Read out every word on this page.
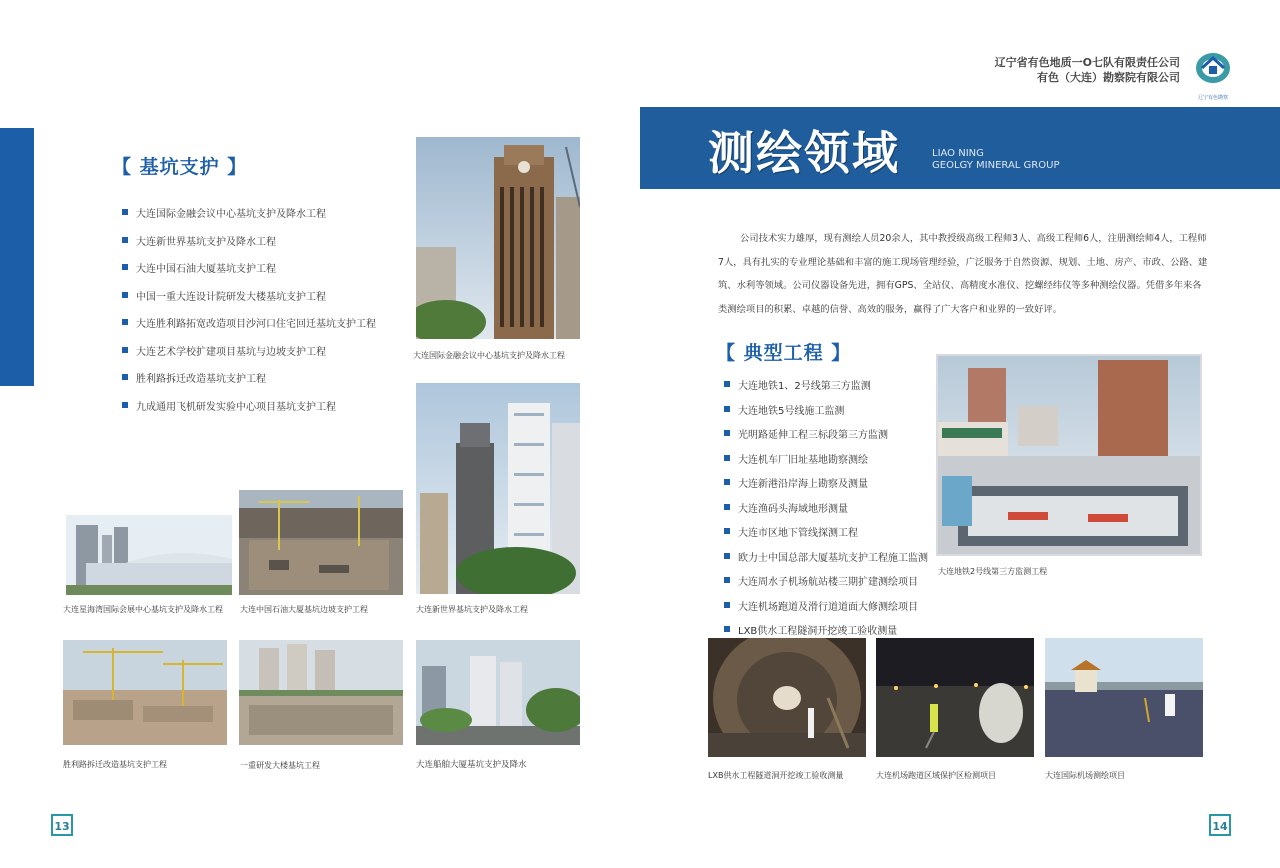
【 基坑支护 】
大连国际金融会议中心基坑支护及降水工程
大连新世界基坑支护及降水工程
大连中国石油大厦基坑支护工程
中国一重大连设计院研发大楼基坑支护工程
大连胜利路拓宽改造项目沙河口住宅回迁基坑支护工程
大连艺术学校扩建项目基坑与边坡支护工程
胜利路拆迁改造基坑支护工程
九成通用飞机研发实验中心项目基坑支护工程
大连国际金融会议中心基坑支护及降水工程
大连新世界基坑支护及降水工程
大连星海湾国际会展中心基坑支护及降水工程 大连中国石油大厦基坑边坡支护工程
胜利路拆迁改造基坑支护工程	一重研发大楼基坑工程	大连船舶大厦基坑支护及降水
13
辽宁省有色地质一O七队有限责任公司
有色（大连）勘察院有限公司
辽宁有色勘察
测绘领域	LIAO NING
GEOLGY MINERAL GROUP
公司技术实力雄厚，现有测绘人员20余人，其中教授级高级工程师3人、高级工程师6人，注册测绘师4人，工程师7人，具有扎实的专业理论基础和丰富的施工现场管理经验，广泛服务于自然资源、规划、土地、房产、市政、公路、建筑、水利等领域。公司仪器设备先进，拥有GPS、全站仪、高精度水准仪、挖螺经纬仪等多种测绘仪器。凭借多年来各类测绘项目的积累、卓越的信誉、高效的服务，赢得了广大客户和业界的一致好评。
【 典型工程 】
大连地铁1、2号线第三方监测
大连地铁5号线施工监测
光明路延伸工程三标段第三方监测
大连机车厂旧址基地勘察测绘
大连新港沿岸海上勘察及测量
大连渔码头海域地形测量
大连市区地下管线探测工程
欧力士中国总部大厦基坑支护工程施工监测
大连周水子机场航站楼三期扩建测绘项目
大连机场跑道及滑行道道面大修测绘项目
LXB供水工程隧洞开挖竣工验收测量
大连地铁2号线第三方监测工程
LXB供水工程隧道洞开挖竣工验收测量	大连机场跑道区域保护区检测项目	大连国际机场测绘项目
14
